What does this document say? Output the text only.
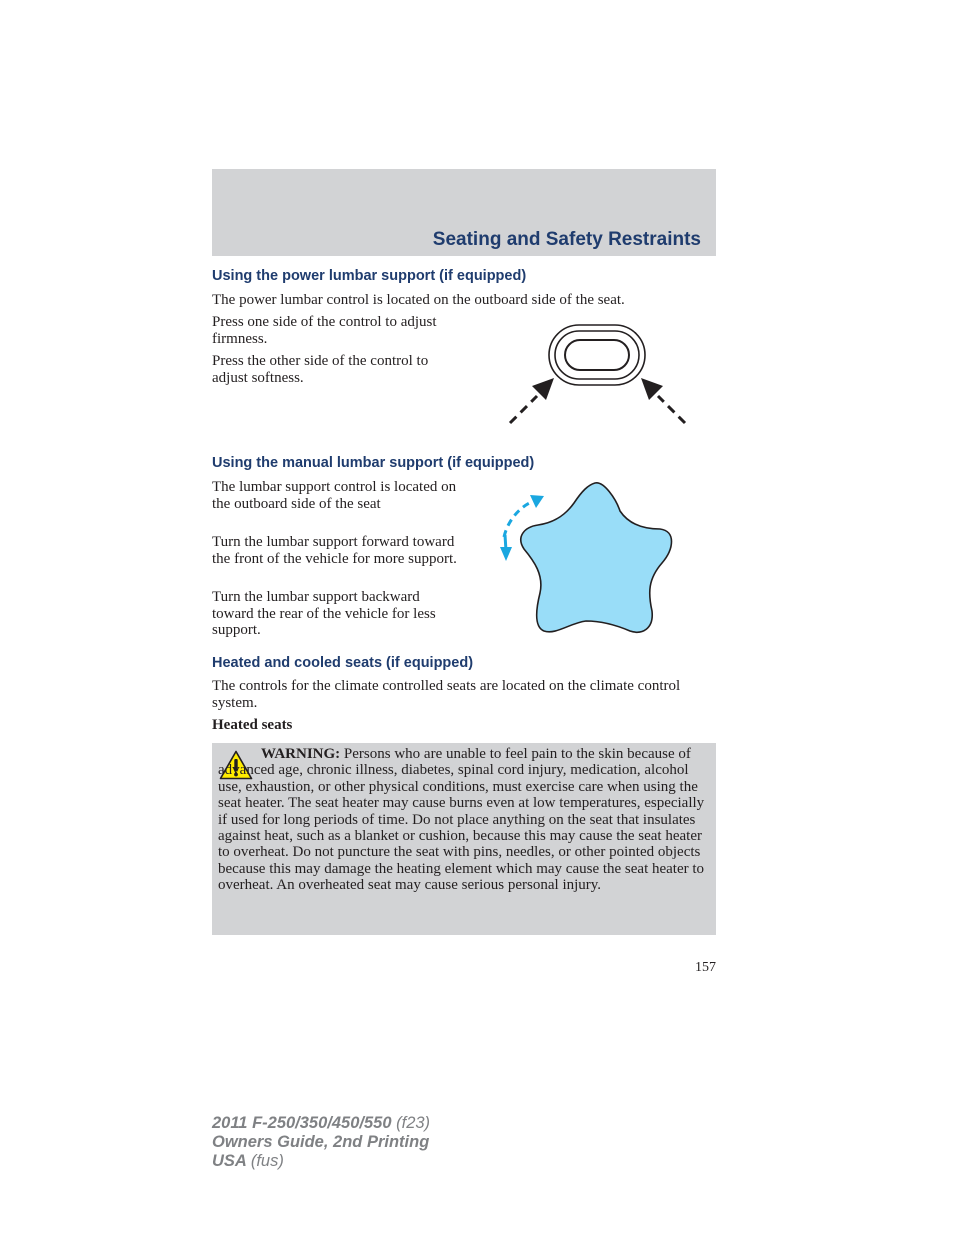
Seating and Safety Restraints
Using the power lumbar support (if equipped)
The power lumbar control is located on the outboard side of the seat.
Press one side of the control to adjust firmness.
Press the other side of the control to adjust softness.
Using the manual lumbar support (if equipped)
The lumbar support control is located on the outboard side of the seat
Turn the lumbar support forward toward the front of the vehicle for more support.
Turn the lumbar support backward toward the rear of the vehicle for less support.
Heated and cooled seats (if equipped)
The controls for the climate controlled seats are located on the climate control system.
Heated seats
WARNING: Persons who are unable to feel pain to the skin because of advanced age, chronic illness, diabetes, spinal cord injury, medication, alcohol use, exhaustion, or other physical conditions, must exercise care when using the seat heater. The seat heater may cause burns even at low temperatures, especially if used for long periods of time. Do not place anything on the seat that insulates against heat, such as a blanket or cushion, because this may cause the seat heater to overheat. Do not puncture the seat with pins, needles, or other pointed objects because this may damage the heating element which may cause the seat heater to overheat. An overheated seat may cause serious personal injury.
157
2011 F-250/350/450/550 (f23)
Owners Guide, 2nd Printing
USA (fus)
